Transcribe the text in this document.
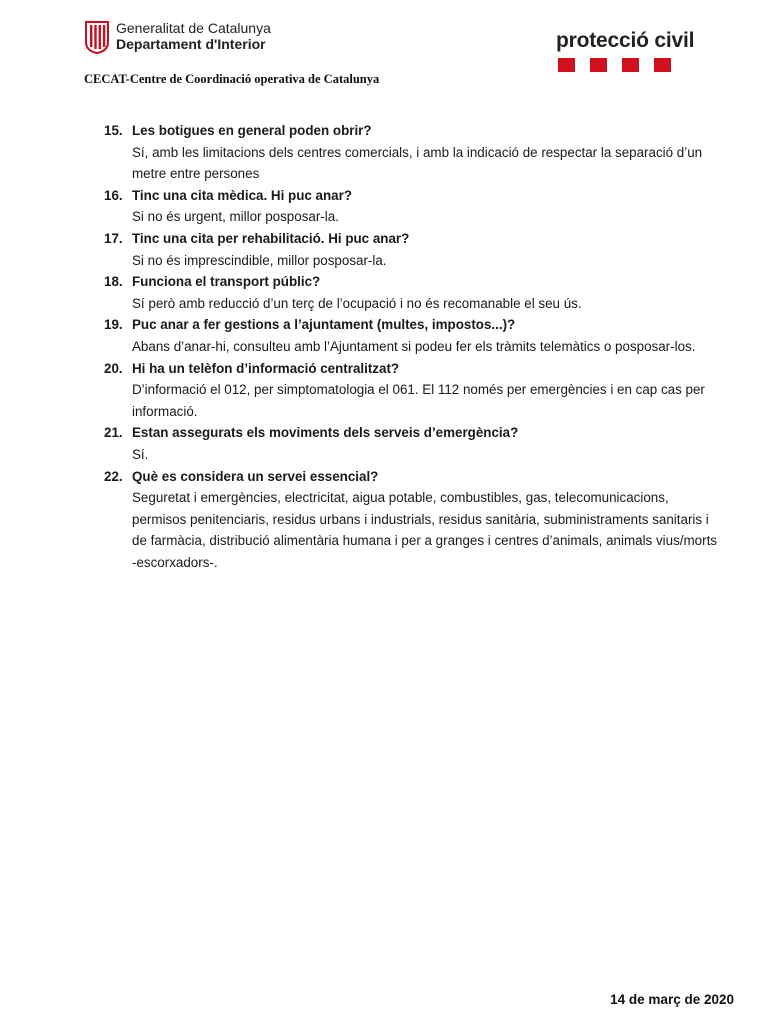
Generalitat de Catalunya
Departament d'Interior	protecció civil
CECAT-Centre de Coordinació operativa de Catalunya
15. Les botigues en general poden obrir?
Sí, amb les limitacions dels centres comercials, i amb la indicació de respectar la separació d’un metre entre persones
16. Tinc una cita mèdica. Hi puc anar?
Si no és urgent, millor posposar-la.
17. Tinc una cita per rehabilitació. Hi puc anar?
Si no és imprescindible, millor posposar-la.
18. Funciona el transport públic?
Sí però amb reducció d’un terç de l’ocupació i no és recomanable el seu ús.
19. Puc anar a fer gestions a l’ajuntament (multes, impostos...)?
Abans d’anar-hi, consulteu amb l’Ajuntament si podeu fer els tràmits telemàtics o posposar-los.
20. Hi ha un telèfon d’informació centralitzat?
D’informació el 012, per simptomatologia el 061. El 112 només per emergències i en cap cas per informació.
21. Estan assegurats els moviments dels serveis d’emergència?
Sí.
22. Què es considera un servei essencial?
Seguretat i emergències, electricitat, aigua potable, combustibles, gas, telecomunicacions, permisos penitenciaris, residus urbans i industrials, residus sanitària, subministraments sanitaris i de farmàcia, distribució alimentària humana i per a granges i centres d’animals, animals vius/morts -escorxadors-.
14 de març de 2020
